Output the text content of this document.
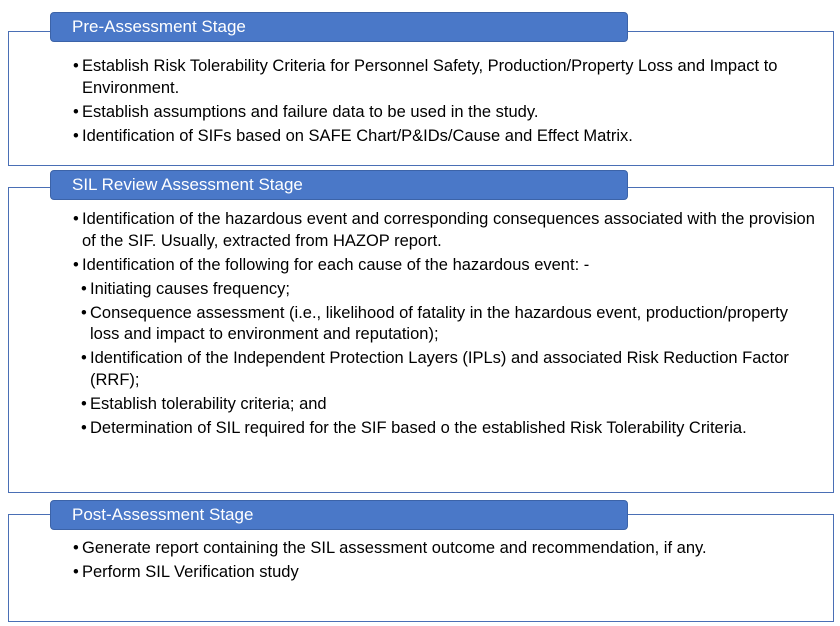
Pre-Assessment Stage
• Establish Risk Tolerability Criteria for Personnel Safety, Production/Property Loss and Impact to Environment.
• Establish assumptions and failure data to be used in the study.
• Identification of SIFs based on SAFE Chart/P&IDs/Cause and Effect Matrix.
SIL Review Assessment Stage
• Identification of the hazardous event and corresponding consequences associated with the provision of the SIF. Usually, extracted from HAZOP report.
• Identification of the following for each cause of the hazardous event: -
• Initiating causes frequency;
• Consequence assessment (i.e., likelihood of fatality in the hazardous event, production/property loss and impact to environment and reputation);
• Identification of the Independent Protection Layers (IPLs) and associated Risk Reduction Factor (RRF);
• Establish tolerability criteria; and
• Determination of SIL required for the SIF based o the established Risk Tolerability Criteria.
Post-Assessment Stage
• Generate report containing the SIL assessment outcome and recommendation, if any.
• Perform SIL Verification study
